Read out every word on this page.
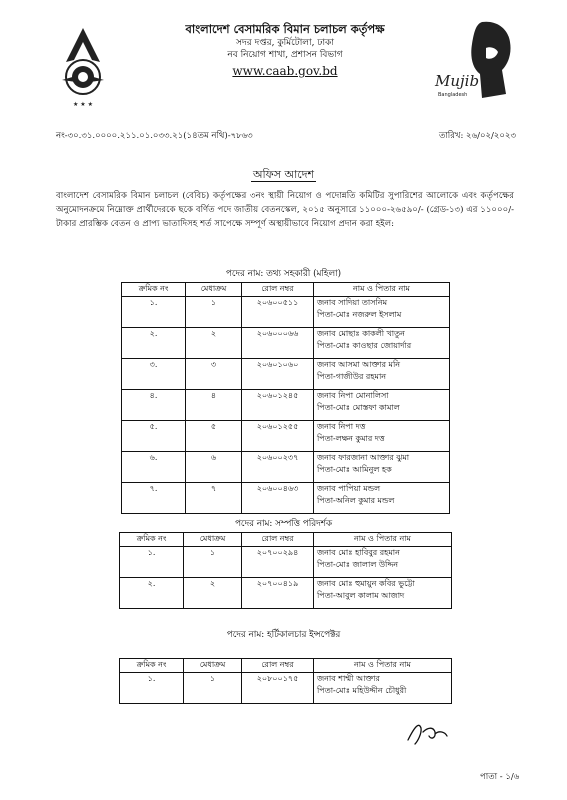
★ ★ ★
বাংলাদেশ বেসামরিক বিমান চলাচল কর্তৃপক্ষ
সদর দপ্তর, কুর্মিটোলা, ঢাকা
নব নিয়োগ শাখা, প্রশাসন বিভাগ
www.caab.gov.bd
Mujib's
Bangladesh
নং-৩০.৩১.০০০০.২১১.০১.০৩৩.২১(১৪তম নথি)-৭৮৬৩	তারিখ: ২৬/০২/২০২৩
অফিস আদেশ
বাংলাদেশ বেসামরিক বিমান চলাচল (বেবিচ) কর্তৃপক্ষের ৩নং স্থায়ী নিয়োগ ও পদোন্নতি কমিটির সুপারিশের আলোকে এবং কর্তৃপক্ষের অনুমোদনক্রমে নিম্নোক্ত প্রার্থীদেরকে ছকে বর্ণিত পদে জাতীয় বেতনস্কেল, ২০১৫ অনুসারে ১১০০০-২৬৫৯০/- (গ্রেড-১৩) এর ১১০০০/- টাকার প্রারম্ভিক বেতন ও প্রাপ্য ভাতাদিসহ শর্ত সাপেক্ষে সম্পূর্ণ অস্থায়ীভাবে নিয়োগ প্রদান করা হইল:
পদের নাম: তথ্য সহকারী (মহিলা)
ক্রমিক নং	মেধাক্রম	রোল নম্বর	নাম ও পিতার নাম
১.	১	২০৬০০৫১১	জনাব সাদিয়া তাসনিম
পিতা-মোঃ নজরুল ইসলাম

২.	২	২০৬০০০৬৬	জনাব মোছাঃ কাকলী খাতুন
পিতা-মোঃ কাওছার জোয়ার্দার

৩.	৩	২০৬০১০৬০	জনাব আসমা আক্তার মনি
পিতা-গাজীউর রহমান

৪.	৪	২০৬০১২৪৫	জনাব নিপা মোনালিসা
পিতা-মোঃ মোস্তফা কামাল

৫.	৫	২০৬০১২৫৫	জনাব নিপা দত্ত
পিতা-লক্ষন কুমার দত্ত

৬.	৬	২০৬০০২৩৭	জনাব ফারজানা আক্তার ঝুমা
পিতা-মোঃ আমিনুল হক

৭.	৭	২০৬০০৪৬৩	জনাব পাপিয়া মন্ডল
পিতা-অনিল কুমার মন্ডল
পদের নাম: সম্পত্তি পরিদর্শক
ক্রমিক নং	মেধাক্রম	রোল নম্বর	নাম ও পিতার নাম
১.	১	২০৭০০২৯৪	জনাব মোঃ হাবিবুর রহমান
পিতা-মোঃ জালাল উদ্দিন

২.	২	২০৭০০৪১৯	জনাব মোঃ হুমায়ুন কবির ভুট্টো
পিতা-আবুল কালাম আজাদ
পদের নাম: হর্টিকালচার ইন্সপেক্টর
ক্রমিক নং	মেধাক্রম	রোল নম্বর	নাম ও পিতার নাম
১.	১	২০৮০০১৭৫	জনাব শাম্মী আক্তার
পিতা-মোঃ মহিউদ্দীন চৌধুরী
পাতা - ১/৬
